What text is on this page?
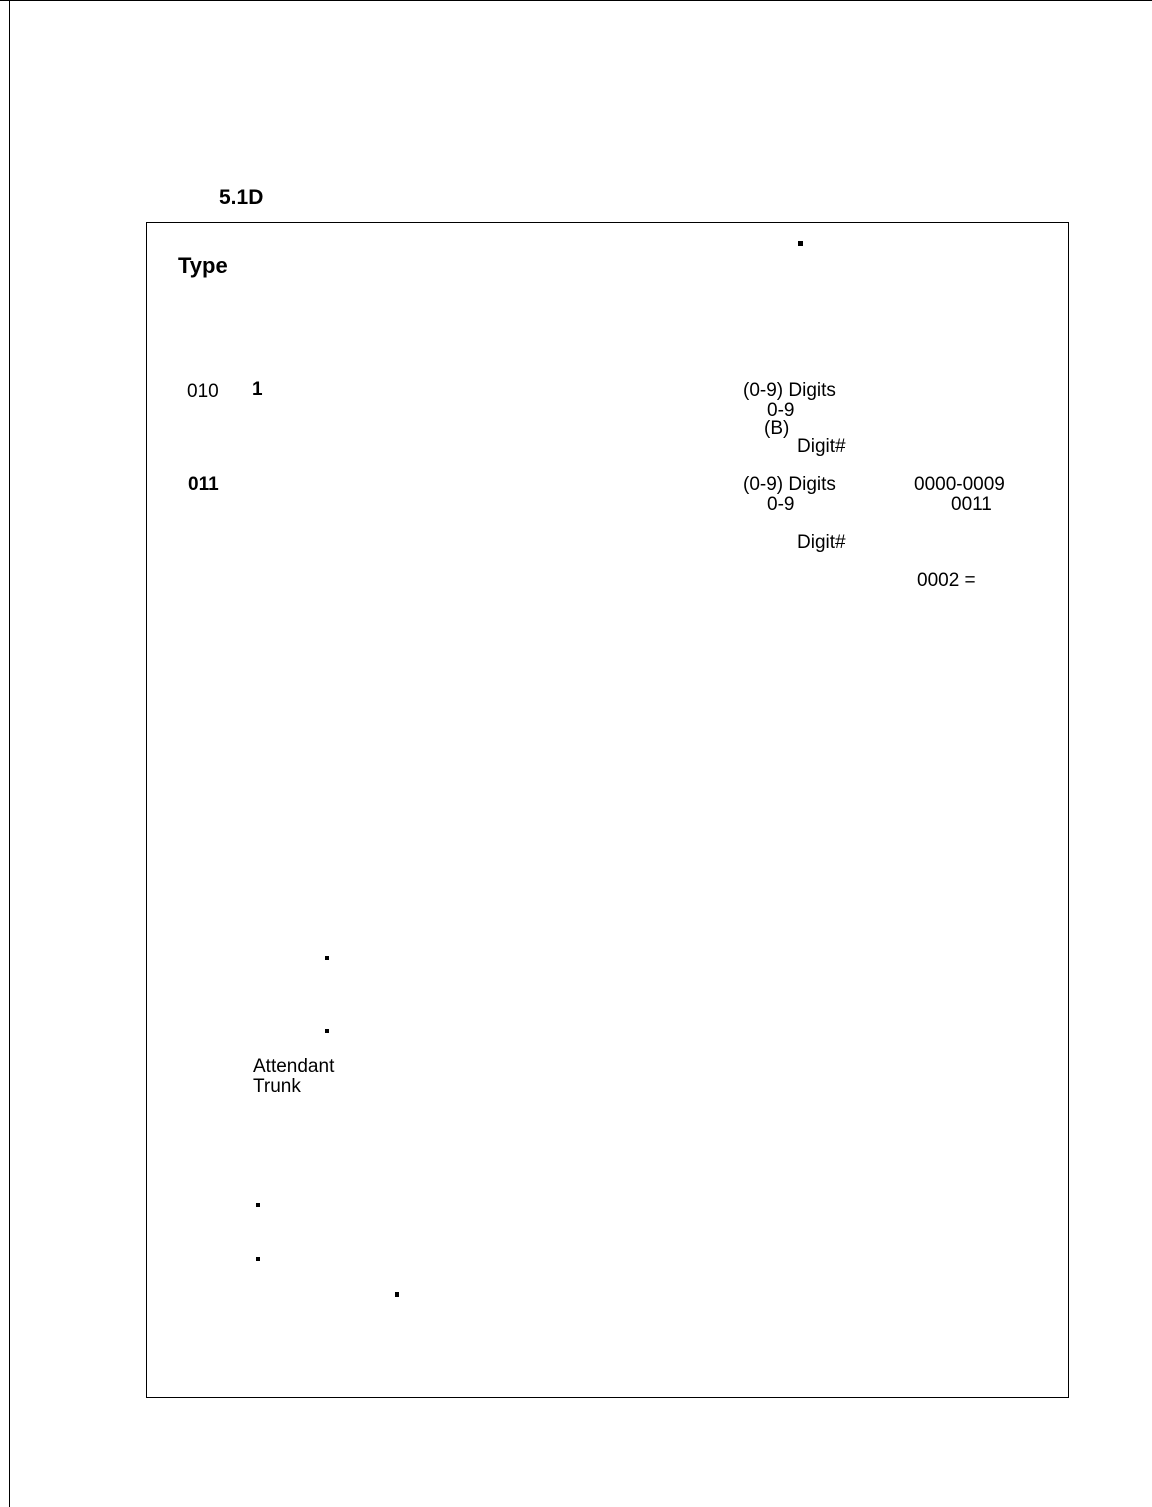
5.1D
Type
010 1	(0-9) Digits
0-9
(B)
Digit#
011	(0-9) Digits
0-9
Digit#
0000-0009
0011
0002 =
Attendant
Trunk
